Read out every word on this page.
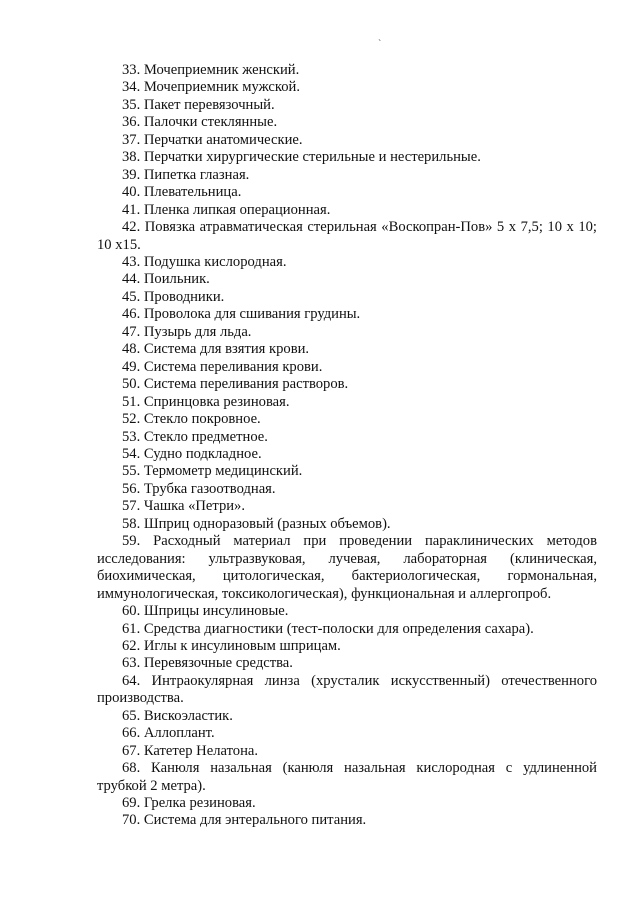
`

33. Мочеприемник женский.

34. Мочеприемник мужской.

35. Пакет перевязочный.

36. Палочки стеклянные.

37. Перчатки анатомические.

38. Перчатки хирургические стерильные и нестерильные.

39. Пипетка глазная.

40. Плевательница.

41. Пленка липкая операционная.

42. Повязка атравматическая стерильная «Воскопран-Пов» 5 х 7,5; 10 х 10; 10 х15.

43. Подушка кислородная.

44. Поильник.

45. Проводники.

46. Проволока для сшивания грудины.

47. Пузырь для льда.

48. Система для взятия крови.

49. Система переливания крови.

50. Система переливания растворов.

51. Спринцовка резиновая.

52. Стекло покровное.

53. Стекло предметное.

54. Судно подкладное.

55. Термометр медицинский.

56. Трубка газоотводная.

57. Чашка «Петри».

58. Шприц одноразовый (разных объемов).

59. Расходный материал при проведении параклинических методов исследования: ультразвуковая, лучевая, лабораторная (клиническая, биохимическая, цитологическая, бактериологическая, гормональная, иммунологическая, токсикологическая), функциональная и аллергопроб.

60. Шприцы инсулиновые.

61. Средства диагностики (тест-полоски для определения сахара).

62. Иглы к инсулиновым шприцам.

63. Перевязочные средства.

64. Интраокулярная линза (хрусталик искусственный) отечественного производства.

65. Вискоэластик.

66. Аллоплант.

67. Катетер Нелатона.

68. Канюля назальная (канюля назальная кислородная с удлиненной трубкой 2 метра).

69. Грелка резиновая.

70. Система для энтерального питания.
